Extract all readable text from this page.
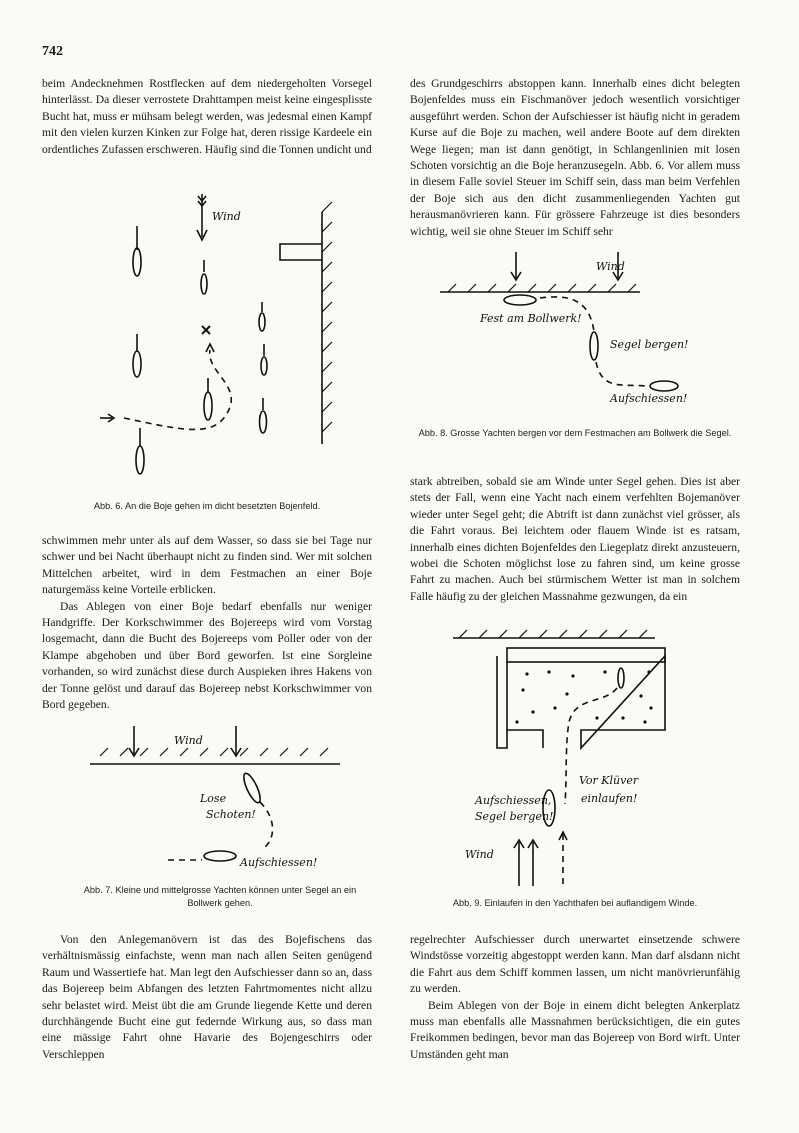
742

beim Andecknehmen Rostflecken auf dem niedergeholten Vorsegel hinterlässt. Da dieser verrostete Drahttampen meist keine eingesplisste Bucht hat, muss er mühsam belegt werden, was jedesmal einen Kampf mit den vielen kurzen Kinken zur Folge hat, deren rissige Kardeele ein ordentliches Zufassen erschweren. Häufig sind die Tonnen undicht und

Wind
Abb. 6. An die Boje gehen im dicht besetzten Bojenfeld.

schwimmen mehr unter als auf dem Wasser, so dass sie bei Tage nur schwer und bei Nacht überhaupt nicht zu finden sind. Wer mit solchen Mittelchen arbeitet, wird in dem Festmachen an einer Boje naturgemäss keine Vorteile erblicken.

Das Ablegen von einer Boje bedarf ebenfalls nur weniger Handgriffe. Der Korkschwimmer des Bojereeps wird vom Vorstag losgemacht, dann die Bucht des Bojereeps vom Poller oder von der Klampe abgehoben und über Bord geworfen. Ist eine Sorgleine vorhanden, so wird zunächst diese durch Auspieken ihres Hakens von der Tonne gelöst und darauf das Bojereep nebst Korkschwimmer von Bord gegeben.

Wind
Lose
Schoten!
Aufschiessen!
Abb. 7. Kleine und mittelgrosse Yachten können unter Segel an ein Bollwerk gehen.

Von den Anlegemanövern ist das des Bojefischens das verhältnismässig einfachste, wenn man nach allen Seiten genügend Raum und Wassertiefe hat. Man legt den Aufschiesser dann so an, dass das Bojereep beim Abfangen des letzten Fahrtmomentes nicht allzu sehr belastet wird. Meist übt die am Grunde liegende Kette und deren durchhängende Bucht eine gut federnde Wirkung aus, so dass man eine mässige Fahrt ohne Havarie des Bojengeschirrs oder Verschleppen

des Grundgeschirrs abstoppen kann. Innerhalb eines dicht belegten Bojenfeldes muss ein Fischmanöver jedoch wesentlich vorsichtiger ausgeführt werden. Schon der Aufschiesser ist häufig nicht in geradem Kurse auf die Boje zu machen, weil andere Boote auf dem direkten Wege liegen; man ist dann genötigt, in Schlangenlinien mit losen Schoten vorsichtig an die Boje heranzusegeln. Abb. 6. Vor allem muss in diesem Falle soviel Steuer im Schiff sein, dass man beim Verfehlen der Boje sich aus den dicht zusammenliegenden Yachten gut herausmanövrieren kann. Für grössere Fahrzeuge ist dies besonders wichtig, weil sie ohne Steuer im Schiff sehr

Wind
Fest am Bollwerk!
Segel bergen!
Aufschiessen!
Abb. 8. Grosse Yachten bergen vor dem Festmachen am Bollwerk die Segel.

stark abtreiben, sobald sie am Winde unter Segel gehen. Dies ist aber stets der Fall, wenn eine Yacht nach einem verfehlten Bojemanöver wieder unter Segel geht; die Abtrift ist dann zunächst viel grösser, als die Fahrt voraus. Bei leichtem oder flauem Winde ist es ratsam, innerhalb eines dichten Bojenfeldes den Liegeplatz direkt anzusteuern, wobei die Schoten möglichst lose zu fahren sind, um keine grosse Fahrt zu machen. Auch bei stürmischem Wetter ist man in solchem Falle häufig zu der gleichen Massnahme gezwungen, da ein

Vor Klüver
einlaufen!
Aufschiessen,
Segel bergen!
Wind
Abb. 9. Einlaufen in den Yachthafen bei auflandigem Winde.

regelrechter Aufschiesser durch unerwartet einsetzende schwere Windstösse vorzeitig abgestoppt werden kann. Man darf alsdann nicht die Fahrt aus dem Schiff kommen lassen, um nicht manövrierunfähig zu werden.

Beim Ablegen von der Boje in einem dicht belegten Ankerplatz muss man ebenfalls alle Massnahmen berücksichtigen, die ein gutes Freikommen bedingen, bevor man das Bojereep von Bord wirft. Unter Umständen geht man
